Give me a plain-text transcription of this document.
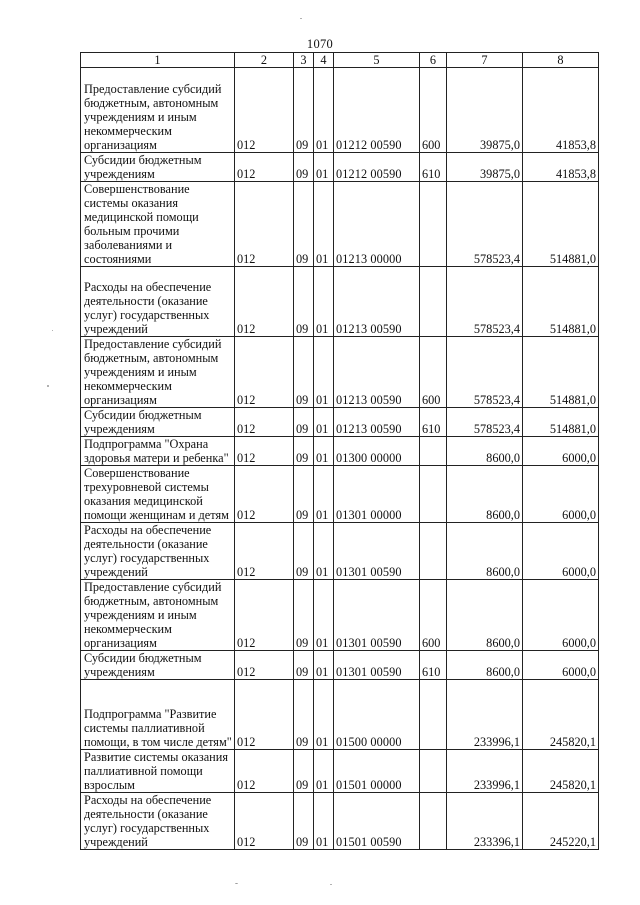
1070
1	2	3	4	5	6	7	8

Предоставление субсидий бюджетным, автономным учреждениям и иным некоммерческим организациям	012	09	01	01212 00590	600	39875,0	41853,8

Субсидии бюджетным учреждениям	012	09	01	01212 00590	610	39875,0	41853,8

Совершенствование системы оказания медицинской помощи больным прочими заболеваниями и состояниями	012	09	01	01213 00000		578523,4	514881,0

Расходы на обеспечение деятельности (оказание услуг) государственных учреждений	012	09	01	01213 00590		578523,4	514881,0

Предоставление субсидий бюджетным, автономным учреждениям и иным некоммерческим организациям	012	09	01	01213 00590	600	578523,4	514881,0

Субсидии бюджетным учреждениям	012	09	01	01213 00590	610	578523,4	514881,0

Подпрограмма "Охрана здоровья матери и ребенка"	012	09	01	01300 00000		8600,0	6000,0

Совершенствование трехуровневой системы оказания медицинской помощи женщинам и детям	012	09	01	01301 00000		8600,0	6000,0

Расходы на обеспечение деятельности (оказание услуг) государственных учреждений	012	09	01	01301 00590		8600,0	6000,0

Предоставление субсидий бюджетным, автономным учреждениям и иным некоммерческим организациям	012	09	01	01301 00590	600	8600,0	6000,0

Субсидии бюджетным учреждениям	012	09	01	01301 00590	610	8600,0	6000,0

Подпрограмма "Развитие системы паллиативной помощи, в том числе детям"	012	09	01	01500 00000		233996,1	245820,1

Развитие системы оказания паллиативной помощи взрослым	012	09	01	01501 00000		233996,1	245820,1

Расходы на обеспечение деятельности (оказание услуг) государственных учреждений	012	09	01	01501 00590		233396,1	245220,1
